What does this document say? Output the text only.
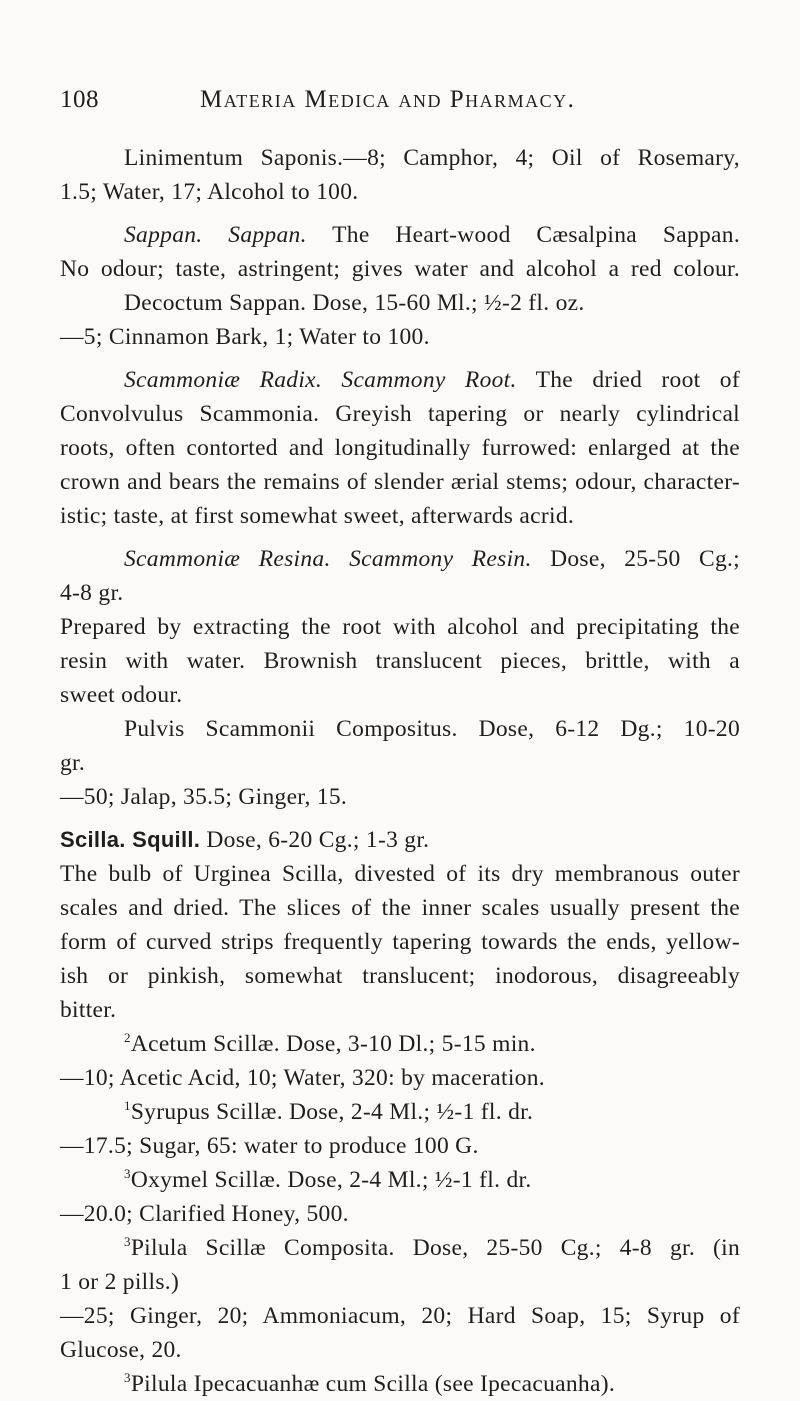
108	Materia Medica and Pharmacy.
Linimentum Saponis.—8; Camphor, 4; Oil of Rosemary,
1.5; Water, 17; Alcohol to 100.
Sappan. Sappan. The Heart-wood Cæsalpina Sappan.
No odour; taste, astringent; gives water and alcohol a red colour.
Decoctum Sappan. Dose, 15-60 Ml.; ½-2 fl. oz.
—5; Cinnamon Bark, 1; Water to 100.
Scammoniæ Radix. Scammony Root. The dried root of
Convolvulus Scammonia. Greyish tapering or nearly cylindrical
roots, often contorted and longitudinally furrowed: enlarged at the
crown and bears the remains of slender ærial stems; odour, character-
istic; taste, at first somewhat sweet, afterwards acrid.
Scammoniæ Resina. Scammony Resin. Dose, 25-50 Cg.;
4-8 gr.
Prepared by extracting the root with alcohol and precipitating the
resin with water. Brownish translucent pieces, brittle, with a
sweet odour.
Pulvis Scammonii Compositus. Dose, 6-12 Dg.; 10-20
gr.
—50; Jalap, 35.5; Ginger, 15.
Scilla. Squill. Dose, 6-20 Cg.; 1-3 gr.
The bulb of Urginea Scilla, divested of its dry membranous outer
scales and dried. The slices of the inner scales usually present the
form of curved strips frequently tapering towards the ends, yellow-
ish or pinkish, somewhat translucent; inodorous, disagreeably
bitter.
$^2$Acetum Scillæ. Dose, 3-10 Dl.; 5-15 min.
—10; Acetic Acid, 10; Water, 320: by maceration.
$^1$Syrupus Scillæ. Dose, 2-4 Ml.; ½-1 fl. dr.
—17.5; Sugar, 65: water to produce 100 G.
$^3$Oxymel Scillæ. Dose, 2-4 Ml.; ½-1 fl. dr.
—20.0; Clarified Honey, 500.
$^3$Pilula Scillæ Composita. Dose, 25-50 Cg.; 4-8 gr. (in
1 or 2 pills.)
—25; Ginger, 20; Ammoniacum, 20; Hard Soap, 15; Syrup of
Glucose, 20.
$^3$Pilula Ipecacuanhæ cum Scilla (see Ipecacuanha).
